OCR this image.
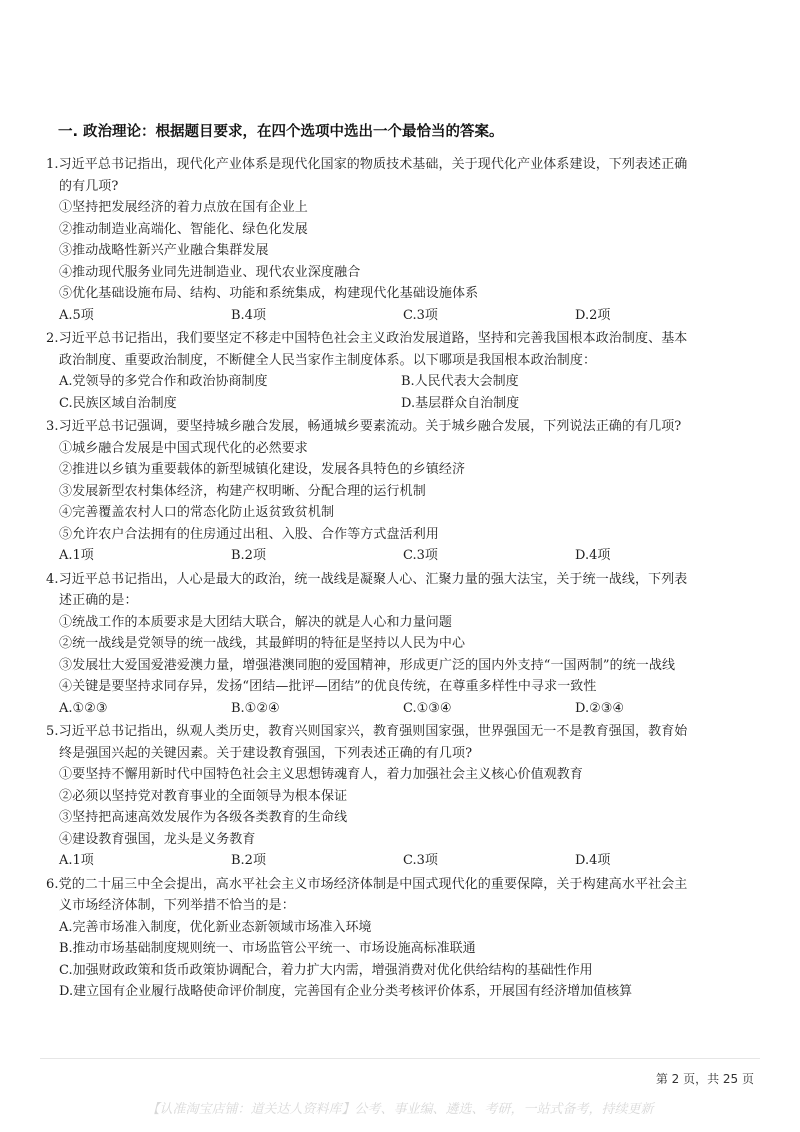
一. 政治理论：根据题目要求，在四个选项中选出一个最恰当的答案。
1.习近平总书记指出，现代化产业体系是现代化国家的物质技术基础，关于现代化产业体系建设，下列表述正确
的有几项?
①坚持把发展经济的着力点放在国有企业上
②推动制造业高端化、智能化、绿色化发展
③推动战略性新兴产业融合集群发展
④推动现代服务业同先进制造业、现代农业深度融合
⑤优化基础设施布局、结构、功能和系统集成，构建现代化基础设施体系
A.5项	B.4项	C.3项	D.2项
2.习近平总书记指出，我们要坚定不移走中国特色社会主义政治发展道路，坚持和完善我国根本政治制度、基本
政治制度、重要政治制度，不断健全人民当家作主制度体系。以下哪项是我国根本政治制度：
A.党领导的多党合作和政治协商制度	B.人民代表大会制度
C.民族区域自治制度	D.基层群众自治制度
3.习近平总书记强调，要坚持城乡融合发展，畅通城乡要素流动。关于城乡融合发展，下列说法正确的有几项?
①城乡融合发展是中国式现代化的必然要求
②推进以乡镇为重要载体的新型城镇化建设，发展各具特色的乡镇经济
③发展新型农村集体经济，构建产权明晰、分配合理的运行机制
④完善覆盖农村人口的常态化防止返贫致贫机制
⑤允许农户合法拥有的住房通过出租、入股、合作等方式盘活利用
A.1项	B.2项	C.3项	D.4项
4.习近平总书记指出，人心是最大的政治，统一战线是凝聚人心、汇聚力量的强大法宝，关于统一战线，下列表
述正确的是：
①统战工作的本质要求是大团结大联合，解决的就是人心和力量问题
②统一战线是党领导的统一战线，其最鲜明的特征是坚持以人民为中心
③发展壮大爱国爱港爱澳力量，增强港澳同胞的爱国精神，形成更广泛的国内外支持“一国两制”的统一战线
④关键是要坚持求同存异，发扬“团结—批评—团结”的优良传统，在尊重多样性中寻求一致性
A.①②③	B.①②④	C.①③④	D.②③④
5.习近平总书记指出，纵观人类历史，教育兴则国家兴，教育强则国家强，世界强国无一不是教育强国，教育始
终是强国兴起的关键因素。关于建设教育强国，下列表述正确的有几项?
①要坚持不懈用新时代中国特色社会主义思想铸魂育人，着力加强社会主义核心价值观教育
②必须以坚持党对教育事业的全面领导为根本保证
③坚持把高速高效发展作为各级各类教育的生命线
④建设教育强国，龙头是义务教育
A.1项	B.2项	C.3项	D.4项
6.党的二十届三中全会提出，高水平社会主义市场经济体制是中国式现代化的重要保障，关于构建高水平社会主
义市场经济体制，下列举措不恰当的是：
A.完善市场准入制度，优化新业态新领域市场准入环境
B.推动市场基础制度规则统一、市场监管公平统一、市场设施高标准联通
C.加强财政政策和货币政策协调配合，着力扩大内需，增强消费对优化供给结构的基础性作用
D.建立国有企业履行战略使命评价制度，完善国有企业分类考核评价体系，开展国有经济增加值核算
第 2 页，共 25 页
【认准淘宝店铺：道关达人资料库】公考、事业编、遴选、考研，一站式备考，持续更新
